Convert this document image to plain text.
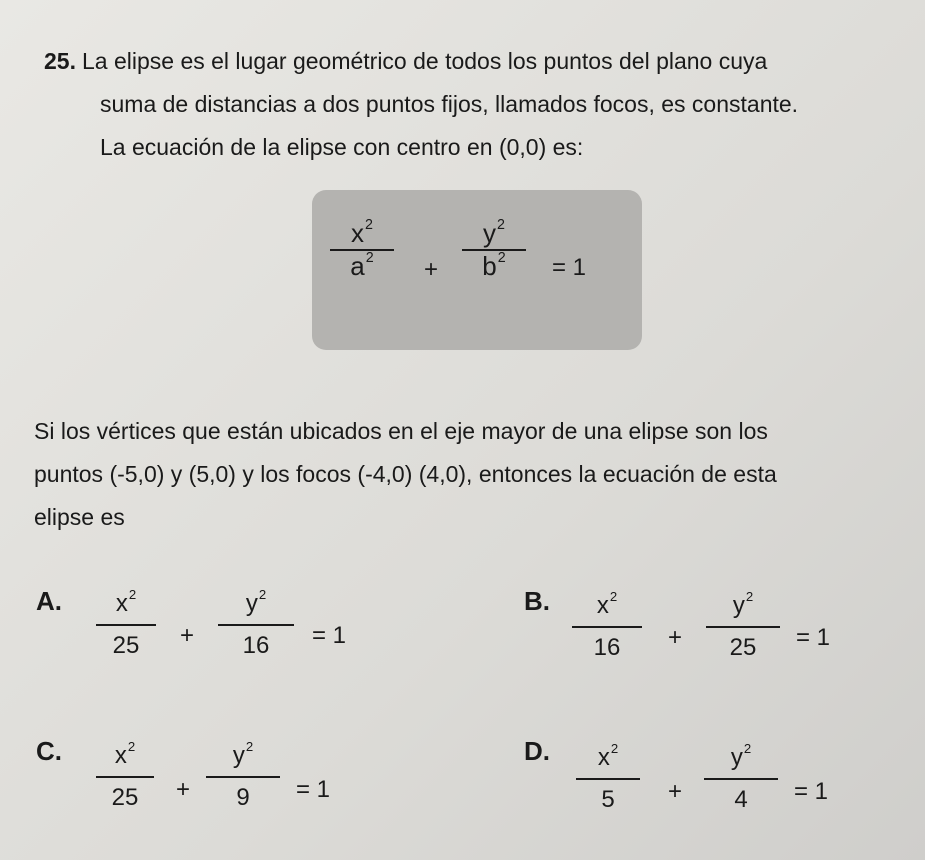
25. La elipse es el lugar geométrico de todos los puntos del plano cuya
suma de distancias a dos puntos fijos, llamados focos, es constante.
La ecuación de la elipse con centro en (0,0) es:
$x^2$
$a^2$ +
$y^2$
$b^2 = 1$
Si los vértices que están ubicados en el eje mayor de una elipse son los
puntos (-5,0) y (5,0) y los focos (-4,0) (4,0), entonces la ecuación de esta
elipse es
A. $x^2$
25 +
$y^2$
16 = 1
B. $x^2$
16 +
$y^2$
25 = 1
C. $x^2$
25 +
$y^2$
9 = 1
D. $x^2$
5 +
$y^2$
4 = 1
